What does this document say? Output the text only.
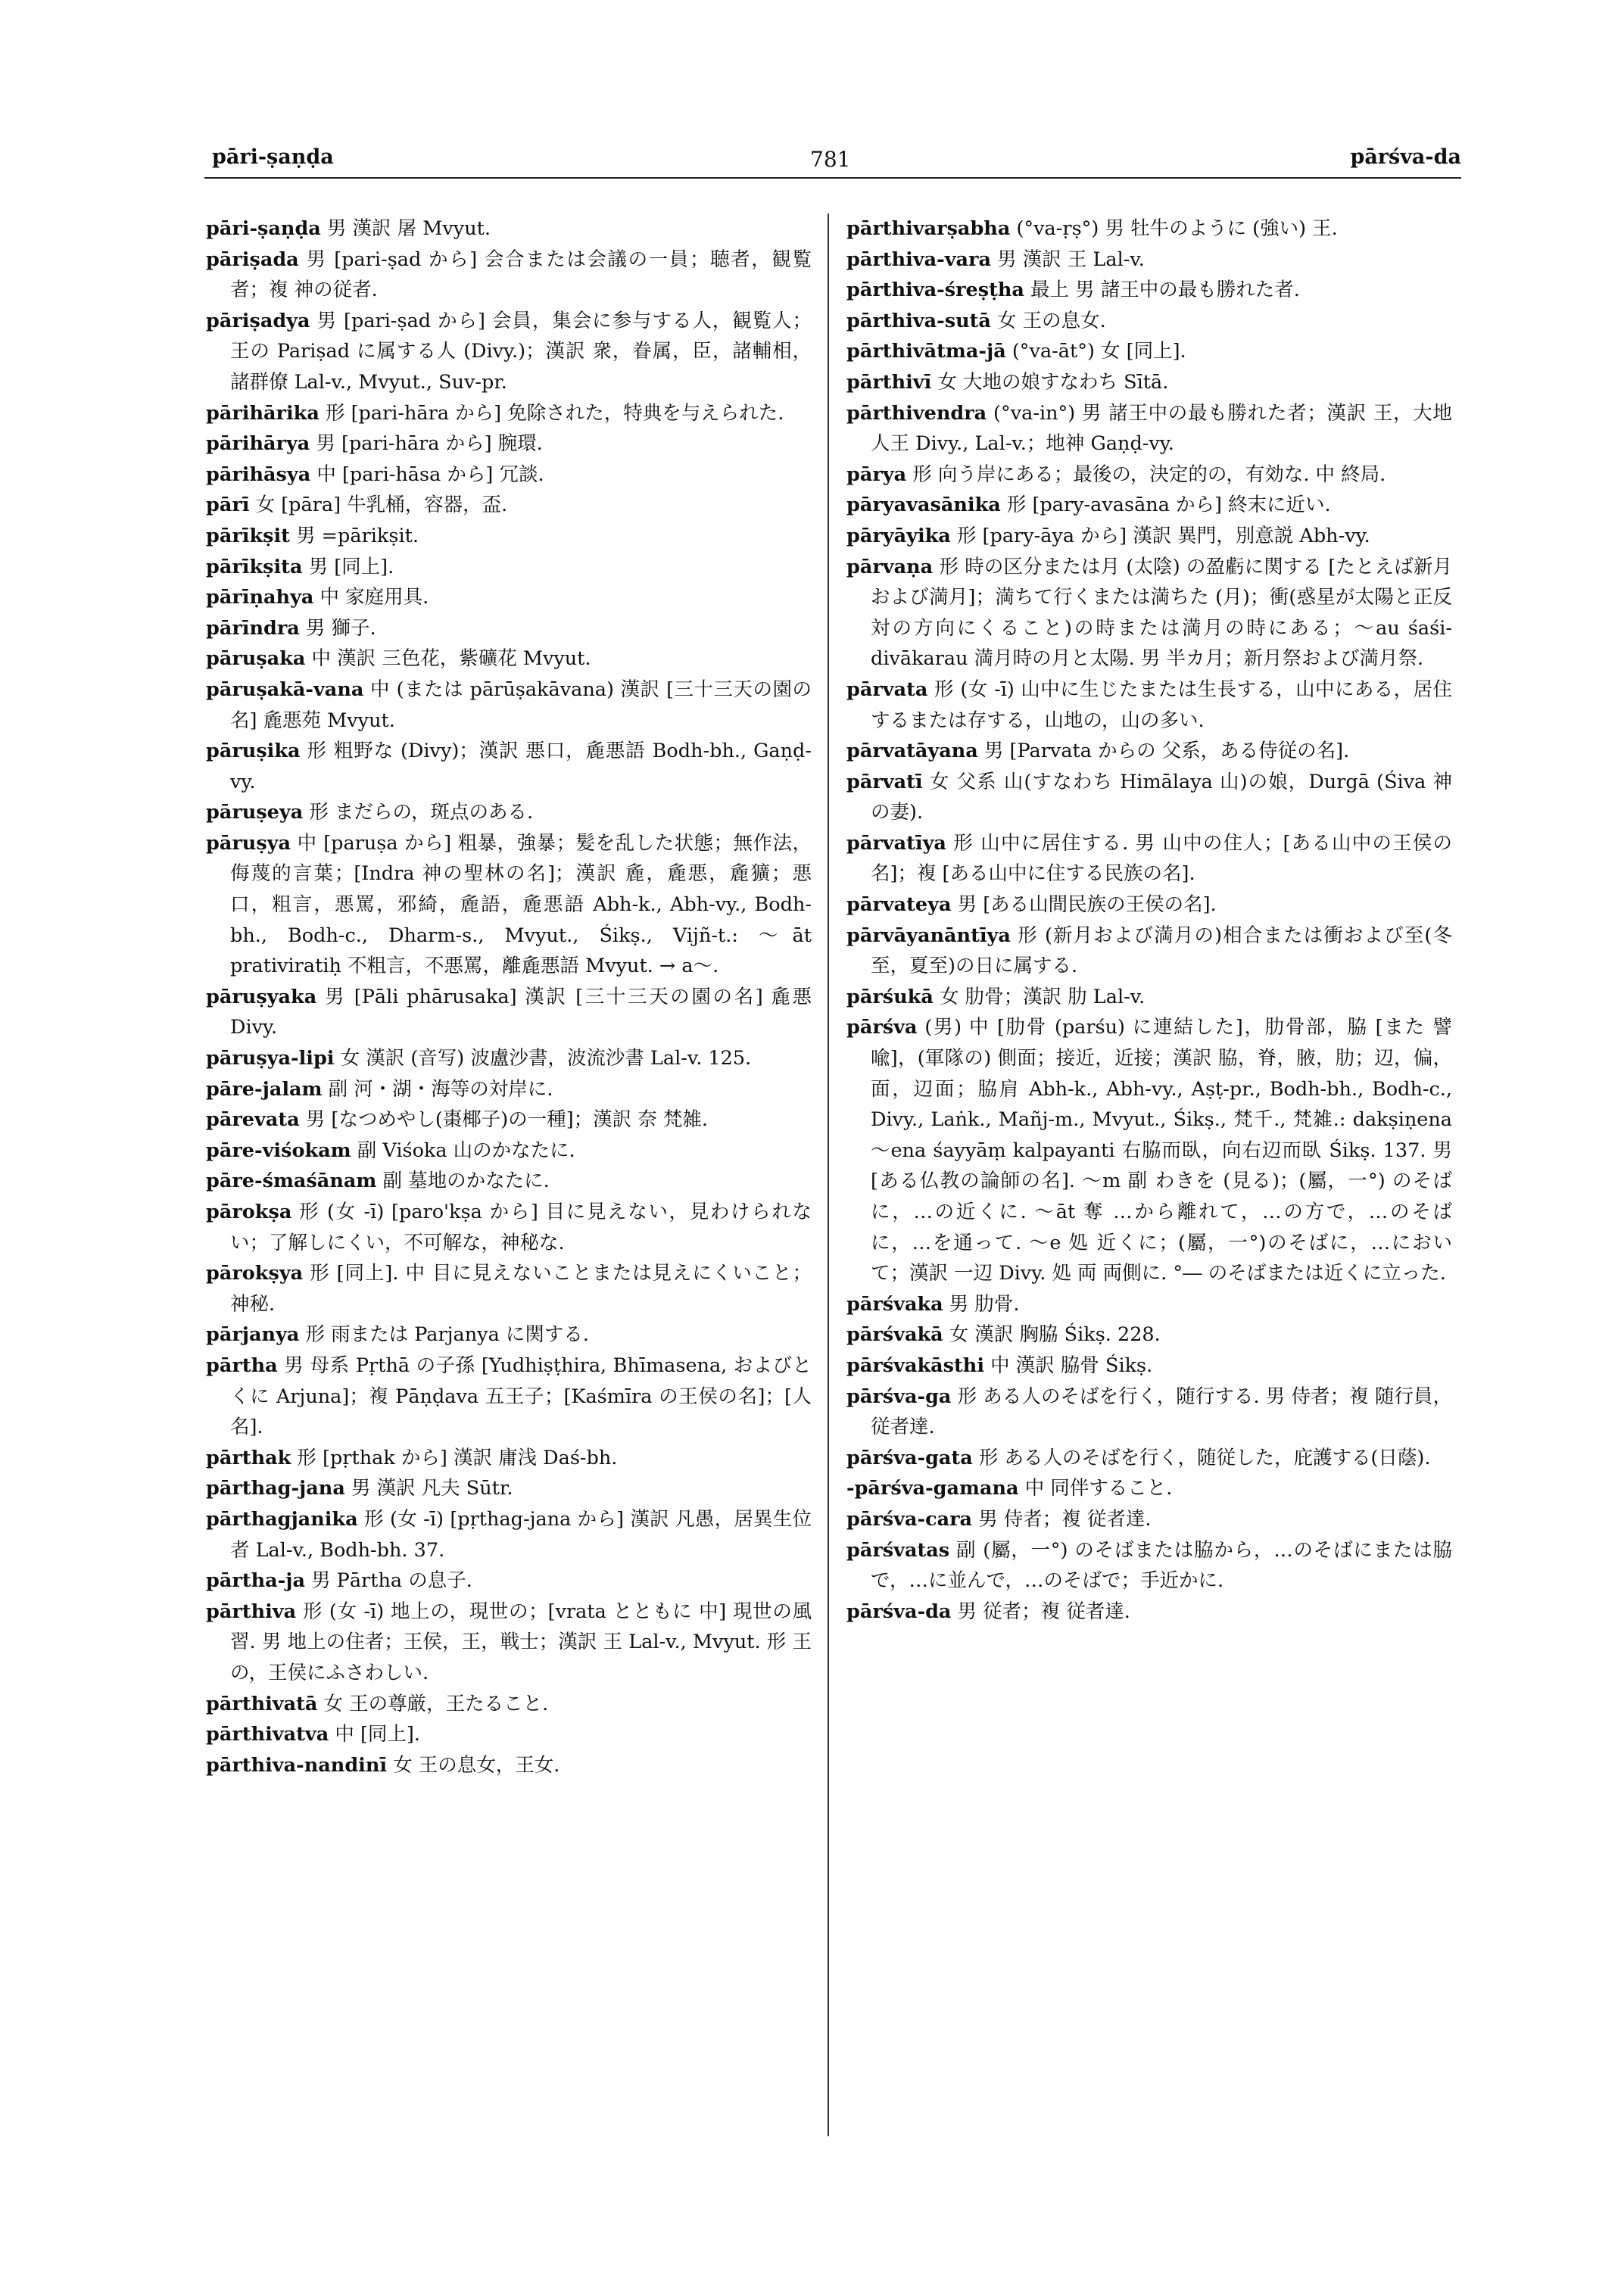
pāri-ṣaṇḍa	781	pārśva-da

pāri-ṣaṇḍa 男 漢訳 屠 Mvyut.

pāriṣada 男 [pari-ṣad から] 会合または会議の一員；聴者，観覧者；複 神の従者.

pāriṣadya 男 [pari-ṣad から] 会員，集会に参与する人，観覧人；王の Pariṣad に属する人 (Divy.)；漢訳 衆，眷属，臣，諸輔相，諸群僚 Lal-v., Mvyut., Suv-pr.

pārihārika 形 [pari-hāra から] 免除された，特典を与えられた.

pārihārya 男 [pari-hāra から] 腕環.

pārihāsya 中 [pari-hāsa から] 冗談.

pārī 女 [pāra] 牛乳桶，容器，盃.

pārīkṣit 男 =pārikṣit.

pārīkṣita 男 [同上].

pārīṇahya 中 家庭用具.

pārīndra 男 獅子.

pāruṣaka 中 漢訳 三色花，紫礦花 Mvyut.

pāruṣakā-vana 中 (または pārūṣakāvana) 漢訳 [三十三天の園の名] 麁悪苑 Mvyut.

pāruṣika 形 粗野な (Divy)；漢訳 悪口，麁悪語 Bodh-bh., Gaṇḍ-vy.

pāruṣeya 形 まだらの，斑点のある.

pāruṣya 中 [paruṣa から] 粗暴，強暴；髪を乱した状態；無作法，侮蔑的言葉；[Indra 神の聖林の名]；漢訳 麁，麁悪，麁獷；悪口，粗言，悪罵，邪綺，麁語，麁悪語 Abh-k., Abh-vy., Bodh-bh., Bodh-c., Dharm-s., Mvyut., Śikṣ., Vijñ-t.: ～āt prativiratiḥ 不粗言，不悪罵，離麁悪語 Mvyut. → a～.

pāruṣyaka 男 [Pāli phārusaka] 漢訳 [三十三天の園の名] 麁悪 Divy.

pāruṣya-lipi 女 漢訳 (音写) 波盧沙書，波流沙書 Lal-v. 125.

pāre-jalam 副 河・湖・海等の対岸に.

pārevata 男 [なつめやし(棗椰子)の一種]；漢訳 奈 梵雑.

pāre-viśokam 副 Viśoka 山のかなたに.

pāre-śmaśānam 副 墓地のかなたに.

pārokṣa 形 (女 -ī) [paro'kṣa から] 目に見えない，見わけられない；了解しにくい，不可解な，神秘な.

pārokṣya 形 [同上]. 中 目に見えないことまたは見えにくいこと；神秘.

pārjanya 形 雨または Parjanya に関する.

pārtha 男 母系 Pṛthā の子孫 [Yudhiṣṭhira, Bhīmasena, およびとくに Arjuna]；複 Pāṇḍava 五王子；[Kaśmīra の王侯の名]；[人名].

pārthak 形 [pṛthak から] 漢訳 庸浅 Daś-bh.

pārthag-jana 男 漢訳 凡夫 Sūtr.

pārthagjanika 形 (女 -ī) [pṛthag-jana から] 漢訳 凡愚，居異生位者 Lal-v., Bodh-bh. 37.

pārtha-ja 男 Pārtha の息子.

pārthiva 形 (女 -ī) 地上の，現世の；[vrata とともに 中] 現世の風習. 男 地上の住者；王侯，王，戦士；漢訳 王 Lal-v., Mvyut. 形 王の，王侯にふさわしい.

pārthivatā 女 王の尊厳，王たること.

pārthivatva 中 [同上].

pārthiva-nandinī 女 王の息女，王女.

pārthivarṣabha (°va-ṛṣ°) 男 牡牛のように (強い) 王.

pārthiva-vara 男 漢訳 王 Lal-v.

pārthiva-śreṣṭha 最上 男 諸王中の最も勝れた者.

pārthiva-sutā 女 王の息女.

pārthivātma-jā (°va-āt°) 女 [同上].

pārthivī 女 大地の娘すなわち Sītā.

pārthivendra (°va-in°) 男 諸王中の最も勝れた者；漢訳 王，大地人王 Divy., Lal-v.；地神 Gaṇḍ-vy.

pārya 形 向う岸にある；最後の，決定的の，有効な. 中 終局.

pāryavasānika 形 [pary-avasāna から] 終末に近い.

pāryāyika 形 [pary-āya から] 漢訳 異門，別意説 Abh-vy.

pārvaṇa 形 時の区分または月 (太陰) の盈虧に関する [たとえば新月および満月]；満ちて行くまたは満ちた (月)；衝(惑星が太陽と正反対の方向にくること)の時または満月の時にある；～au śaśi-divākarau 満月時の月と太陽. 男 半カ月；新月祭および満月祭.

pārvata 形 (女 -ī) 山中に生じたまたは生長する，山中にある，居住するまたは存する，山地の，山の多い.

pārvatāyana 男 [Parvata からの 父系，ある侍従の名].

pārvatī 女 父系 山(すなわち Himālaya 山)の娘，Durgā (Śiva 神の妻).

pārvatīya 形 山中に居住する. 男 山中の住人；[ある山中の王侯の名]；複 [ある山中に住する民族の名].

pārvateya 男 [ある山間民族の王侯の名].

pārvāyanāntīya 形 (新月および満月の)相合または衝および至(冬至，夏至)の日に属する.

pārśukā 女 肋骨；漢訳 肋 Lal-v.

pārśva (男) 中 [肋骨 (parśu) に連結した]，肋骨部，脇 [また 譬喩]，(軍隊の) 側面；接近，近接；漢訳 脇，脊，腋，肋；辺，偏，面，辺面；脇肩 Abh-k., Abh-vy., Aṣṭ-pr., Bodh-bh., Bodh-c., Divy., Laṅk., Mañj-m., Mvyut., Śikṣ., 梵千., 梵雑.: dakṣiṇena ～ena śayyāṃ kalpayanti 右脇而臥，向右辺而臥 Śikṣ. 137. 男 [ある仏教の論師の名]. ～m 副 わきを (見る)；(屬，一°) のそばに，…の近くに. ～āt 奪 …から離れて，…の方で，…のそばに，…を通って. ～e 処 近くに；(屬，一°)のそばに，…において；漢訳 一辺 Divy. 処 両 両側に. °― のそばまたは近くに立った.

pārśvaka 男 肋骨.

pārśvakā 女 漢訳 胸脇 Śikṣ. 228.

pārśvakāsthi 中 漢訳 脇骨 Śikṣ.

pārśva-ga 形 ある人のそばを行く，随行する. 男 侍者；複 随行員，従者達.

pārśva-gata 形 ある人のそばを行く，随従した，庇護する(日蔭).

-pārśva-gamana 中 同伴すること.

pārśva-cara 男 侍者；複 従者達.

pārśvatas 副 (屬，一°) のそばまたは脇から，…のそばにまたは脇で，…に並んで，…のそばで；手近かに.

pārśva-da 男 従者；複 従者達.
